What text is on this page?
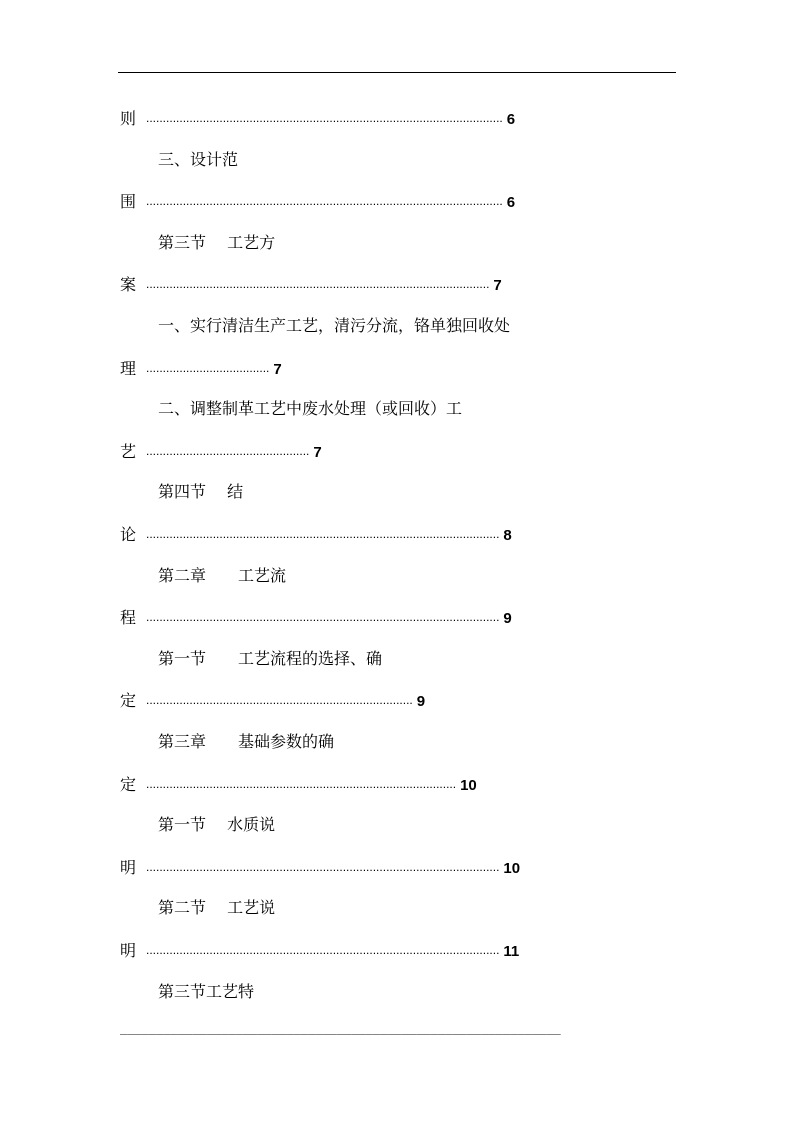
则 ........................................................................................................... 6
三、设计范
围 ........................................................................................................... 6
第三节　 工艺方
案 ....................................................................................................... 7
一、实行清洁生产工艺，清污分流，铬单独回收处
理 ..................................... 7
二、调整制革工艺中废水处理（或回收）工
艺 ................................................. 7
第四节　 结
论 .......................................................................................................... 8
第二章　　工艺流
程 .......................................................................................................... 9
第一节　　工艺流程的选择、确
定 ................................................................................ 9
第三章　　基础参数的确
定 ............................................................................................. 10
第一节　 水质说
明 .......................................................................................................... 10
第二节　 工艺说
明 .......................................................................................................... 11
第三节工艺特
_____________________________________________________________
